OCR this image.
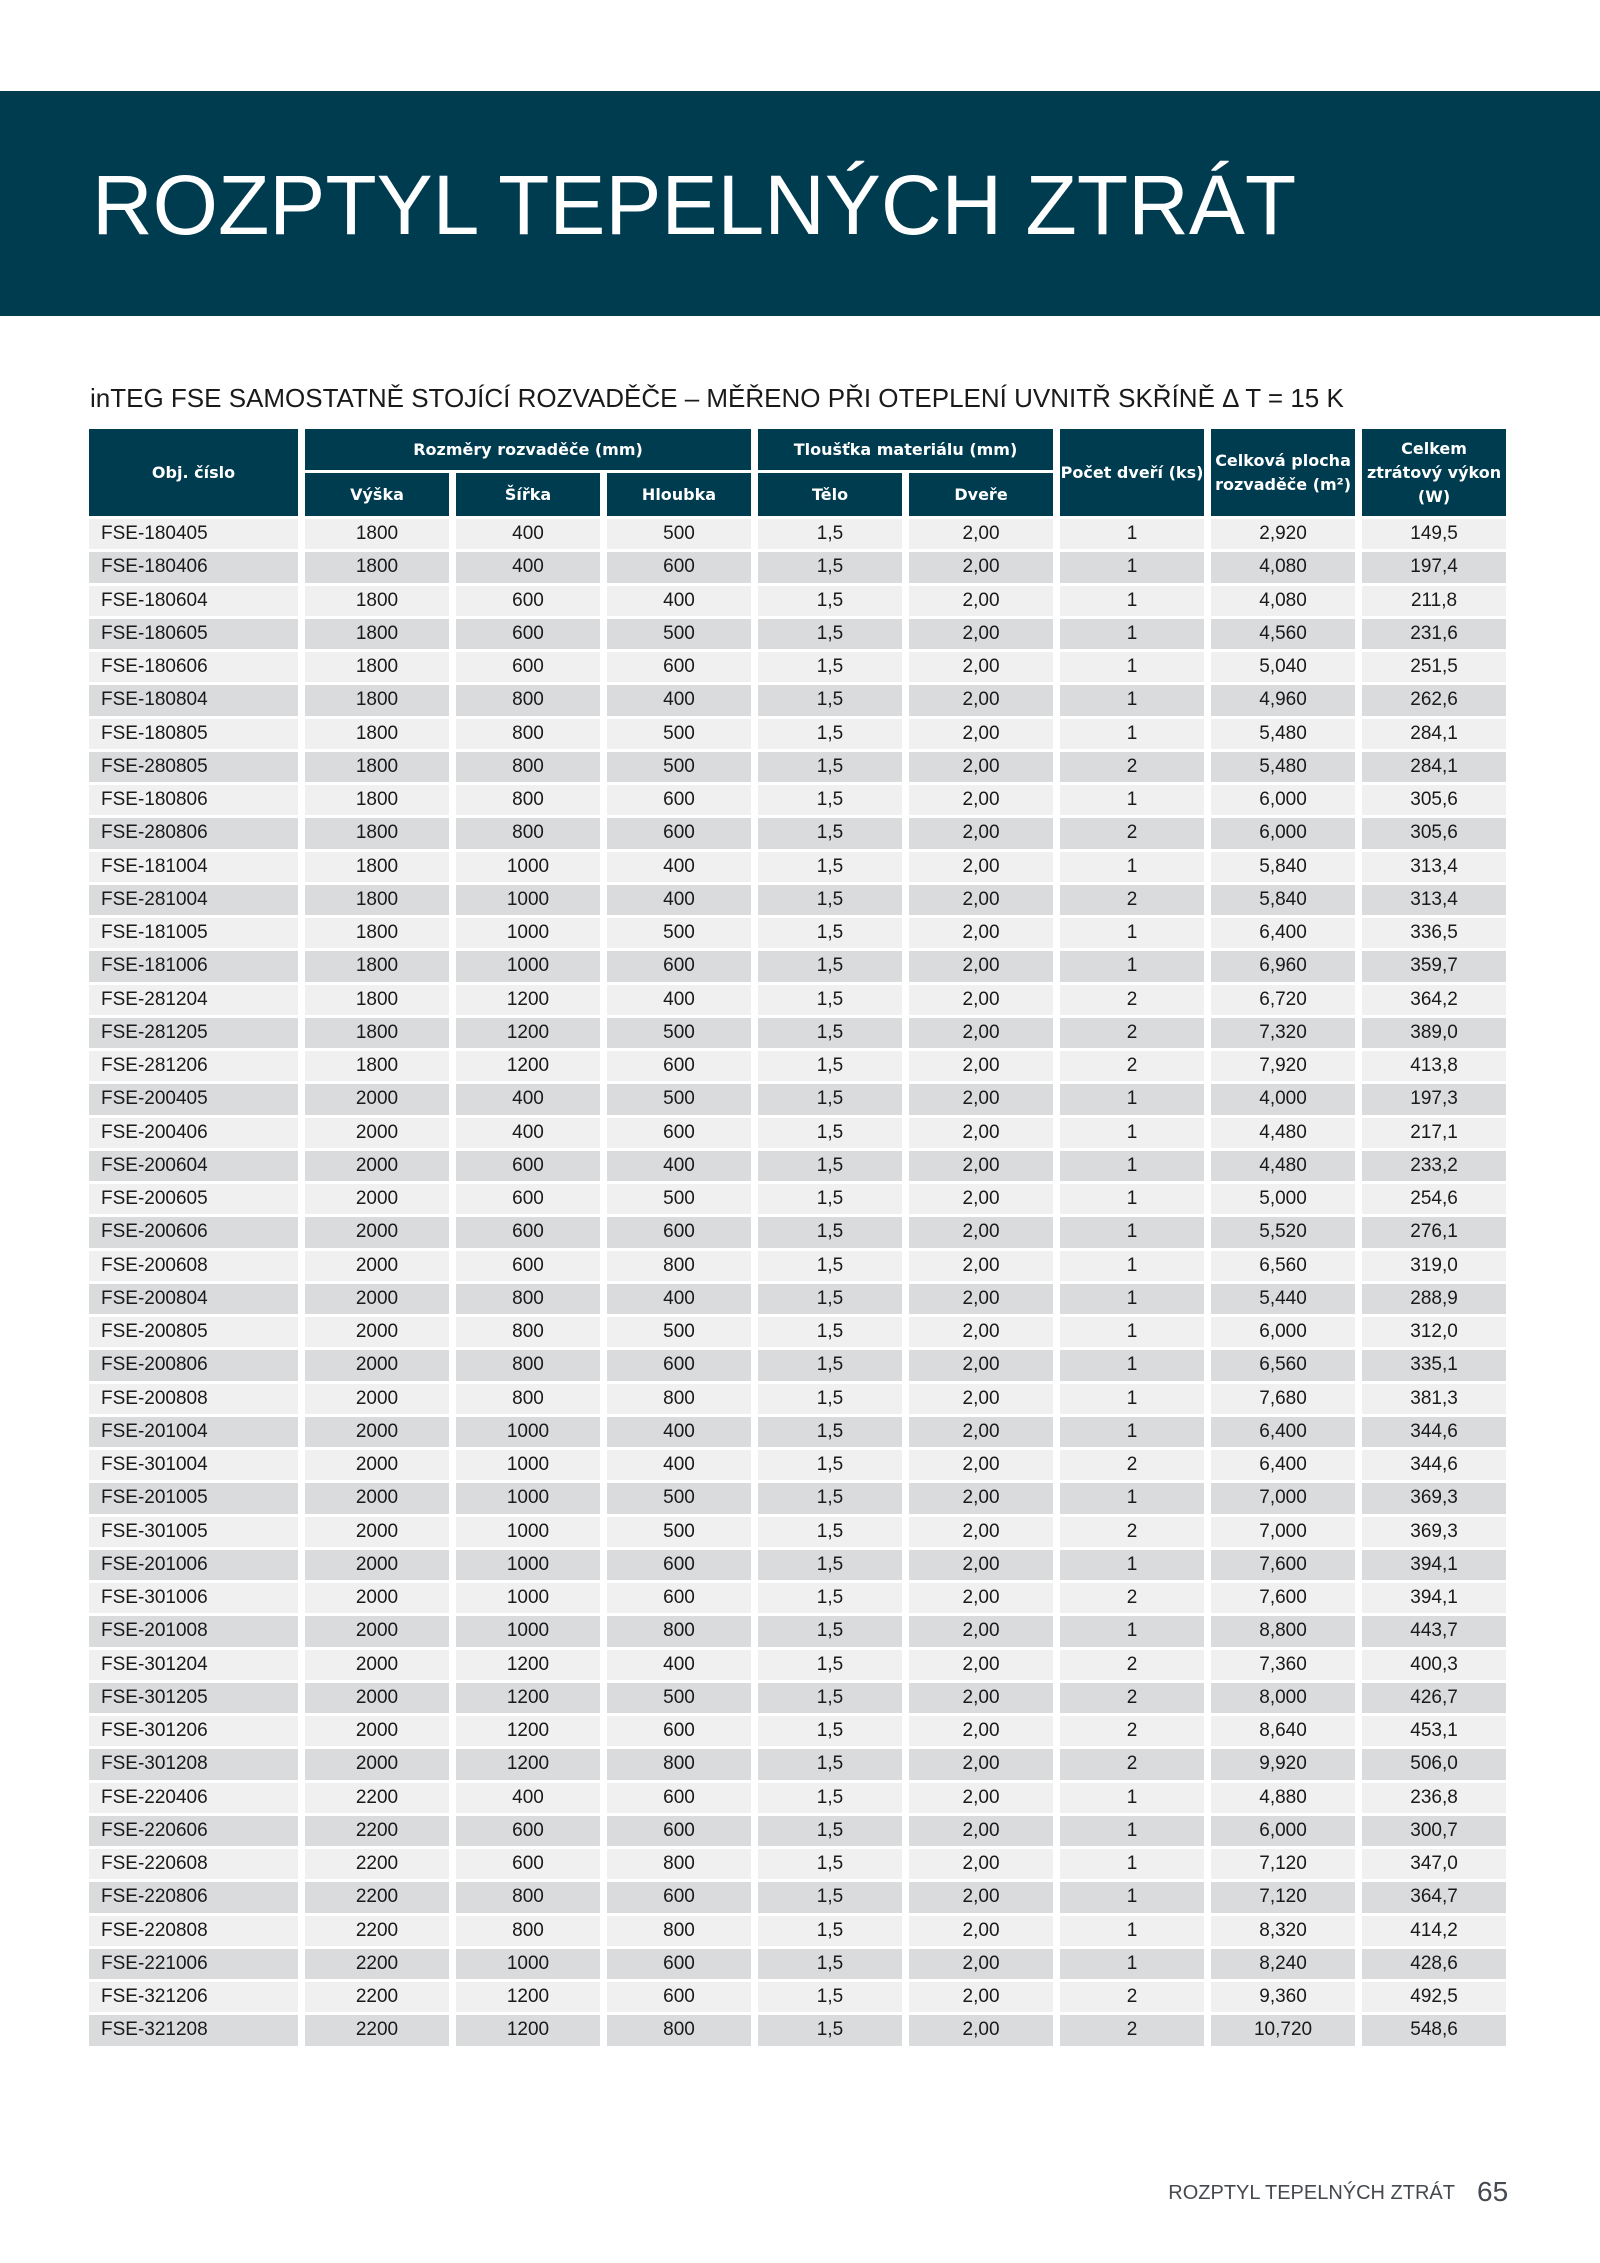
ROZPTYL TEPELNÝCH ZTRÁT
inTEG FSE SAMOSTATNĚ STOJÍCÍ ROZVADĚČE – MĚŘENO PŘI OTEPLENÍ UVNITŘ SKŘÍNĚ Δ T = 15 K
Obj. číslo	Rozměry rozvaděče (mm)			Tloušťka materiálu (mm)		Počet dveří (ks)	Celková plocha rozvaděče (m²)	Celkem ztrátový výkon (W)
	Výška	Šířka	Hloubka	Tělo	Dveře			
FSE-180405	1800	400	500	1,5	2,00	1	2,920	149,5
FSE-180406	1800	400	600	1,5	2,00	1	4,080	197,4
FSE-180604	1800	600	400	1,5	2,00	1	4,080	211,8
FSE-180605	1800	600	500	1,5	2,00	1	4,560	231,6
FSE-180606	1800	600	600	1,5	2,00	1	5,040	251,5
FSE-180804	1800	800	400	1,5	2,00	1	4,960	262,6
FSE-180805	1800	800	500	1,5	2,00	1	5,480	284,1
FSE-280805	1800	800	500	1,5	2,00	2	5,480	284,1
FSE-180806	1800	800	600	1,5	2,00	1	6,000	305,6
FSE-280806	1800	800	600	1,5	2,00	2	6,000	305,6
FSE-181004	1800	1000	400	1,5	2,00	1	5,840	313,4
FSE-281004	1800	1000	400	1,5	2,00	2	5,840	313,4
FSE-181005	1800	1000	500	1,5	2,00	1	6,400	336,5
FSE-181006	1800	1000	600	1,5	2,00	1	6,960	359,7
FSE-281204	1800	1200	400	1,5	2,00	2	6,720	364,2
FSE-281205	1800	1200	500	1,5	2,00	2	7,320	389,0
FSE-281206	1800	1200	600	1,5	2,00	2	7,920	413,8
FSE-200405	2000	400	500	1,5	2,00	1	4,000	197,3
FSE-200406	2000	400	600	1,5	2,00	1	4,480	217,1
FSE-200604	2000	600	400	1,5	2,00	1	4,480	233,2
FSE-200605	2000	600	500	1,5	2,00	1	5,000	254,6
FSE-200606	2000	600	600	1,5	2,00	1	5,520	276,1
FSE-200608	2000	600	800	1,5	2,00	1	6,560	319,0
FSE-200804	2000	800	400	1,5	2,00	1	5,440	288,9
FSE-200805	2000	800	500	1,5	2,00	1	6,000	312,0
FSE-200806	2000	800	600	1,5	2,00	1	6,560	335,1
FSE-200808	2000	800	800	1,5	2,00	1	7,680	381,3
FSE-201004	2000	1000	400	1,5	2,00	1	6,400	344,6
FSE-301004	2000	1000	400	1,5	2,00	2	6,400	344,6
FSE-201005	2000	1000	500	1,5	2,00	1	7,000	369,3
FSE-301005	2000	1000	500	1,5	2,00	2	7,000	369,3
FSE-201006	2000	1000	600	1,5	2,00	1	7,600	394,1
FSE-301006	2000	1000	600	1,5	2,00	2	7,600	394,1
FSE-201008	2000	1000	800	1,5	2,00	1	8,800	443,7
FSE-301204	2000	1200	400	1,5	2,00	2	7,360	400,3
FSE-301205	2000	1200	500	1,5	2,00	2	8,000	426,7
FSE-301206	2000	1200	600	1,5	2,00	2	8,640	453,1
FSE-301208	2000	1200	800	1,5	2,00	2	9,920	506,0
FSE-220406	2200	400	600	1,5	2,00	1	4,880	236,8
FSE-220606	2200	600	600	1,5	2,00	1	6,000	300,7
FSE-220608	2200	600	800	1,5	2,00	1	7,120	347,0
FSE-220806	2200	800	600	1,5	2,00	1	7,120	364,7
FSE-220808	2200	800	800	1,5	2,00	1	8,320	414,2
FSE-221006	2200	1000	600	1,5	2,00	1	8,240	428,6
FSE-321206	2200	1200	600	1,5	2,00	2	9,360	492,5
FSE-321208	2200	1200	800	1,5	2,00	2	10,720	548,6
ROZPTYL TEPELNÝCH ZTRÁT 65
